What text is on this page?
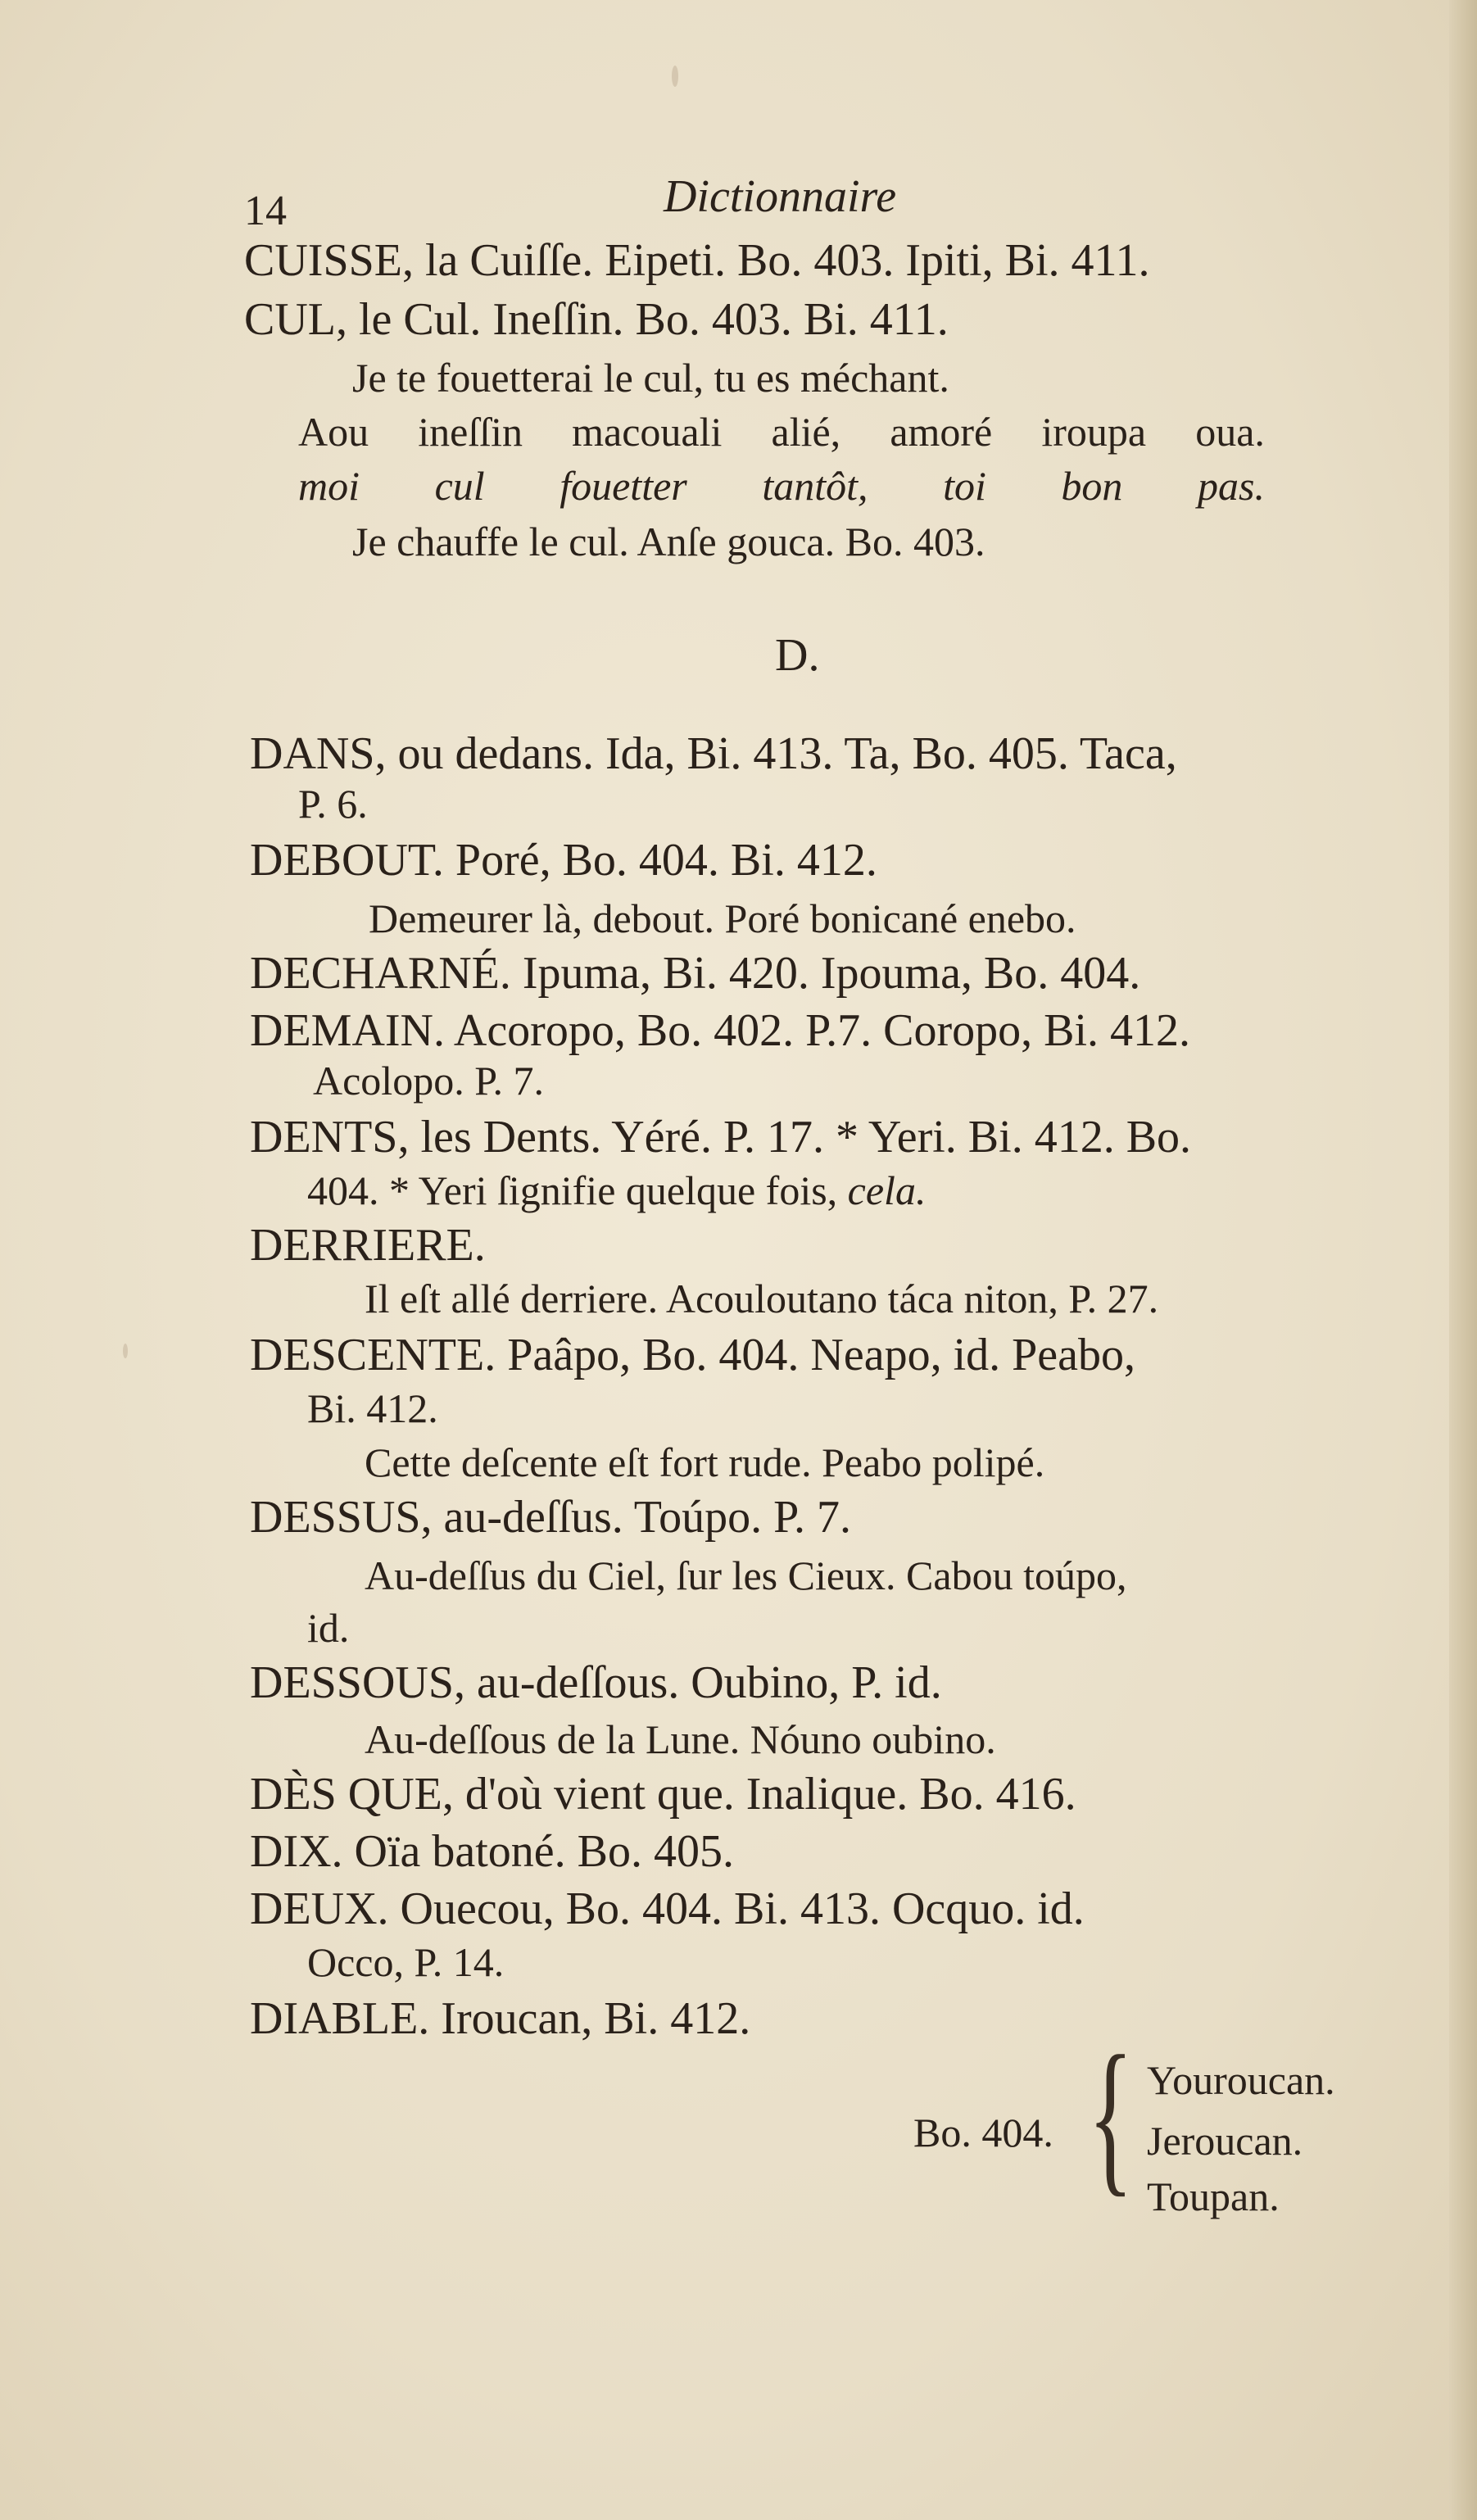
14	Dictionnaire
CUISSE, la Cuiſſe. Eipeti. Bo. 403. Ipiti, Bi. 411.
CUL, le Cul. Ineſſin. Bo. 403. Bi. 411.
Je te fouetterai le cul, tu es méchant.
Aou ineſſin macouali alié, amoré iroupa oua.
moi cul fouetter tantôt, toi bon pas.
Je chauffe le cul. Anſe gouca. Bo. 403.
D.
DANS, ou dedans. Ida, Bi. 413. Ta, Bo. 405. Taca,
P. 6.
DEBOUT. Poré, Bo. 404. Bi. 412.
Demeurer là, debout. Poré bonicané enebo.
DECHARNÉ. Ipuma, Bi. 420. Ipouma, Bo. 404.
DEMAIN. Acoropo, Bo. 402. P.7. Coropo, Bi. 412.
Acolopo. P. 7.
DENTS, les Dents. Yéré. P. 17. * Yeri. Bi. 412. Bo.
404. * Yeri ſignifie quelque fois, cela.
DERRIERE.
Il eſt allé derriere. Acouloutano táca niton, P. 27.
DESCENTE. Paâpo, Bo. 404. Neapo, id. Peabo,
Bi. 412.
Cette deſcente eſt fort rude. Peabo polipé.
DESSUS, au-deſſus. Toúpo. P. 7.
Au-deſſus du Ciel, ſur les Cieux. Cabou toúpo,
id.
DESSOUS, au-deſſous. Oubino, P. id.
Au-deſſous de la Lune. Nóuno oubino.
DÈS QUE, d'où vient que. Inalique. Bo. 416.
DIX. Oïa batoné. Bo. 405.
DEUX. Ouecou, Bo. 404. Bi. 413. Ocquo. id.
Occo, P. 14.
DIABLE. Iroucan, Bi. 412.
Bo. 404. { Youroucan.
Jeroucan.
Toupan.
